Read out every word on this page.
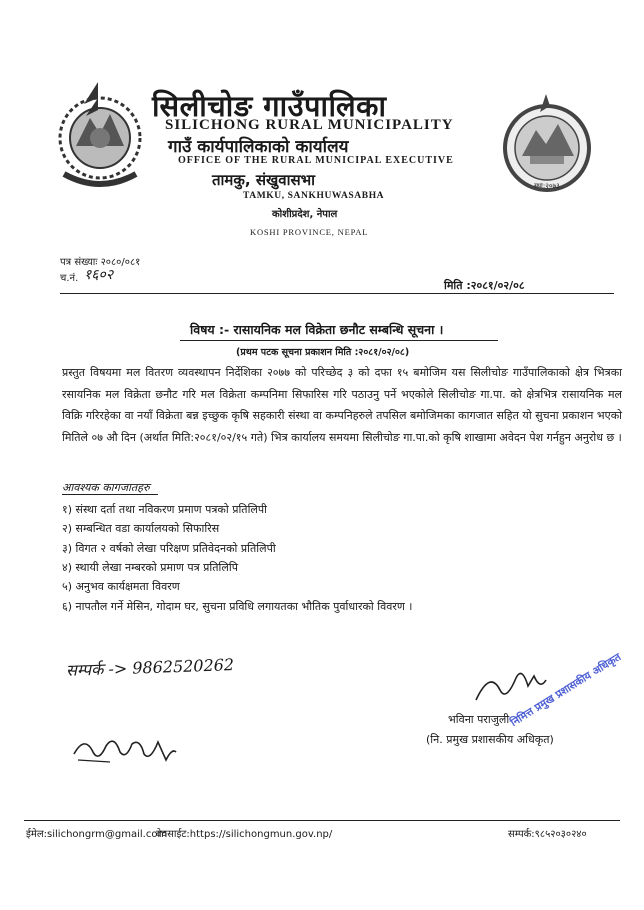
स्था:२०७३
सिलीचोङ गाउँपालिका
SILICHONG RURAL MUNICIPALITY
गाउँ कार्यपालिकाको कार्यालय
OFFICE OF THE RURAL MUNICIPAL EXECUTIVE
तामकु, संखुवासभा
TAMKU, SANKHUWASABHA
कोशीप्रदेश, नेपाल
KOSHI PROVINCE, NEPAL
पत्र संख्याः २०८०/०८१
च.नं. १६०२
मिति :२०८१/०२/०८
विषय :- रासायनिक मल विक्रेता छनौट सम्बन्धि सूचना ।
(प्रथम पटक सूचना प्रकाशन मिति :२०८१/०२/०८)
प्रस्तुत विषयमा मल वितरण व्यवस्थापन निर्देशिका २०७७ को परिच्छेद ३ को दफा १५ बमोजिम यस सिलीचोङ गाउँपालिकाको क्षेत्र भित्रका रसायनिक मल विक्रेता छनौट गरि मल विक्रेता कम्पनिमा सिफारिस गरि पठाउनु पर्ने भएकोले सिलीचोङ गा.पा. को क्षेत्रभित्र रासायनिक मल विक्रि गरिरहेका वा नयाँ विक्रेता बन्न इच्छुक कृषि सहकारी संस्था वा कम्पनिहरुले तपसिल बमोजिमका कागजात सहित यो सुचना प्रकाशन भएको मितिले ०७ औ दिन (अर्थात मिति:२०८१/०२/१५ गते) भित्र कार्यालय समयमा सिलीचोङ गा.पा.को कृषि शाखामा अवेदन पेश गर्नहुन अनुरोध छ ।
आवश्यक कागजातहरु
१) संस्था दर्ता तथा नविकरण प्रमाण पत्रको प्रतिलिपी
२) सम्बन्धित वडा कार्यालयको सिफारिस
३) विगत २ वर्षको लेखा परिक्षण प्रतिवेदनको प्रतिलिपी
४) स्थायी लेखा नम्बरको प्रमाण पत्र प्रतिलिपि
५) अनुभव कार्यक्षमता विवरण
६) नापतौल गर्ने मेसिन, गोदाम घर, सुचना प्रविधि लगायतका भौतिक पुर्वाधारको विवरण ।
सम्पर्क -> 9862520262
भविना पराजुली
(नि. प्रमुख प्रशासकीय अधिकृत)
निमित्त प्रमुख प्रशासकीय अधिकृत
ईमेल:silichongrm@gmail.com
वेवसाईट:https://silichongmun.gov.np/	सम्पर्क:९८५२०३०२४०
